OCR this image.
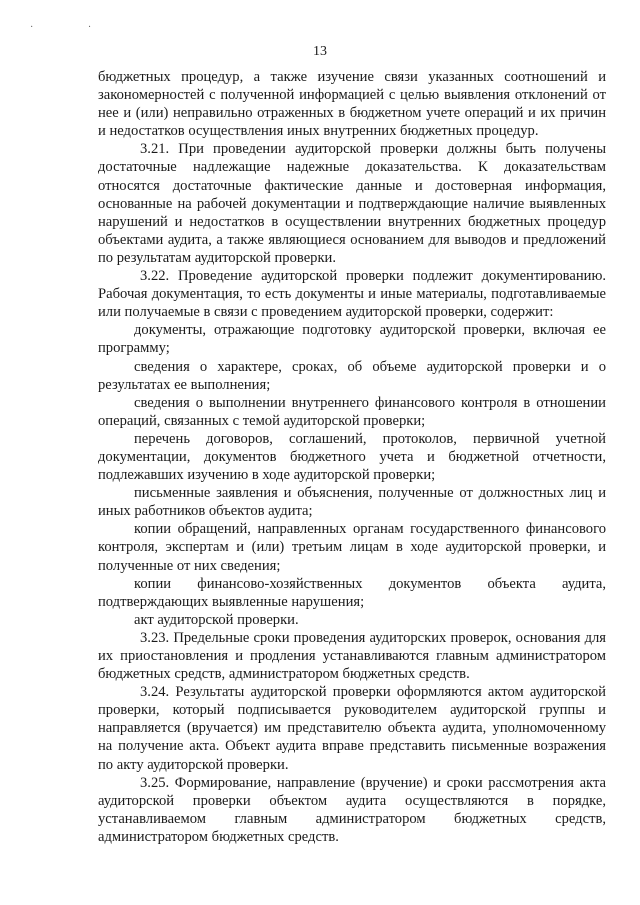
· ·
13

бюджетных процедур, а также изучение связи указанных соотношений и закономерностей с полученной информацией с целью выявления отклонений от нее и (или) неправильно отраженных в бюджетном учете операций и их причин и недостатков осуществления иных внутренних бюджетных процедур.

3.21. При проведении аудиторской проверки должны быть получены достаточные надлежащие надежные доказательства. К доказательствам относятся достаточные фактические данные и достоверная информация, основанные на рабочей документации и подтверждающие наличие выявленных нарушений и недостатков в осуществлении внутренних бюджетных процедур объектами аудита, а также являющиеся основанием для выводов и предложений по результатам аудиторской проверки.

3.22. Проведение аудиторской проверки подлежит документированию. Рабочая документация, то есть документы и иные материалы, подготавливаемые или получаемые в связи с проведением аудиторской проверки, содержит:

документы, отражающие подготовку аудиторской проверки, включая ее программу;

сведения о характере, сроках, об объеме аудиторской проверки и о результатах ее выполнения;

сведения о выполнении внутреннего финансового контроля в отношении операций, связанных с темой аудиторской проверки;

перечень договоров, соглашений, протоколов, первичной учетной документации, документов бюджетного учета и бюджетной отчетности, подлежавших изучению в ходе аудиторской проверки;

письменные заявления и объяснения, полученные от должностных лиц и иных работников объектов аудита;

копии обращений, направленных органам государственного финансового контроля, экспертам и (или) третьим лицам в ходе аудиторской проверки, и полученные от них сведения;

копии финансово-хозяйственных документов объекта аудита, подтверждающих выявленные нарушения;

акт аудиторской проверки.

3.23. Предельные сроки проведения аудиторских проверок, основания для их приостановления и продления устанавливаются главным администратором бюджетных средств, администратором бюджетных средств.

3.24. Результаты аудиторской проверки оформляются актом аудиторской проверки, который подписывается руководителем аудиторской группы и направляется (вручается) им представителю объекта аудита, уполномоченному на получение акта. Объект аудита вправе представить письменные возражения по акту аудиторской проверки.

3.25. Формирование, направление (вручение) и сроки рассмотрения акта аудиторской проверки объектом аудита осуществляются в порядке, устанавливаемом главным администратором бюджетных средств, администратором бюджетных средств.
